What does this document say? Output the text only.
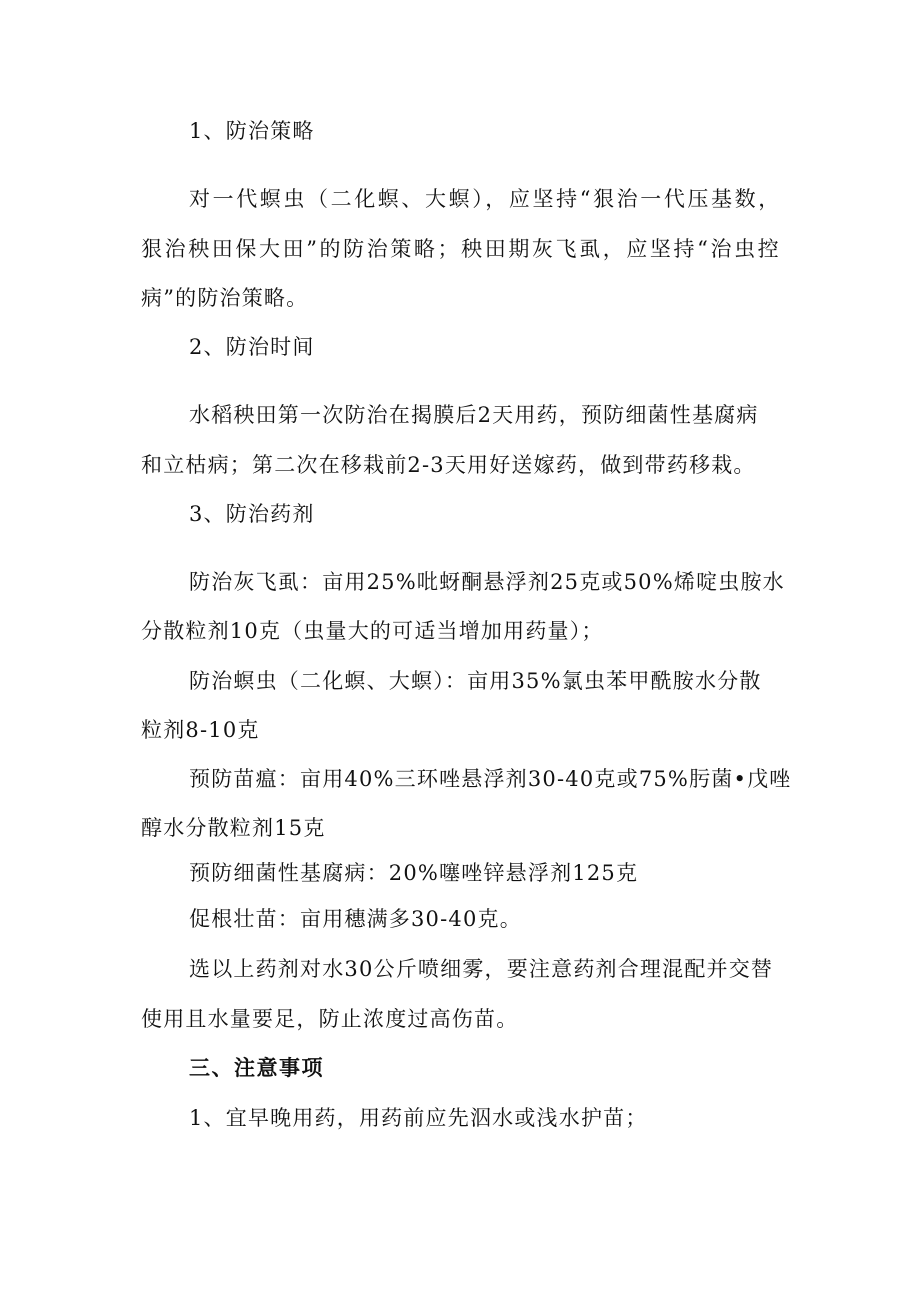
1、防治策略
对一代螟虫（二化螟、大螟），应坚持“狠治一代压基数，
狠治秧田保大田”的防治策略；秧田期灰飞虱，应坚持“治虫控
病”的防治策略。
2、防治时间
水稻秧田第一次防治在揭膜后2天用药，预防细菌性基腐病
和立枯病；第二次在移栽前2-3天用好送嫁药，做到带药移栽。
3、防治药剂
防治灰飞虱：亩用25%吡蚜酮悬浮剂25克或50%烯啶虫胺水
分散粒剂10克（虫量大的可适当增加用药量）；
防治螟虫（二化螟、大螟）：亩用35%氯虫苯甲酰胺水分散
粒剂8-10克
预防苗瘟：亩用40%三环唑悬浮剂30-40克或75%肟菌•戊唑
醇水分散粒剂15克
预防细菌性基腐病：20%噻唑锌悬浮剂125克
促根壮苗：亩用穗满多30-40克。
选以上药剂对水30公斤喷细雾，要注意药剂合理混配并交替
使用且水量要足，防止浓度过高伤苗。
三、注意事项
1、宜早晚用药，用药前应先泅水或浅水护苗；
